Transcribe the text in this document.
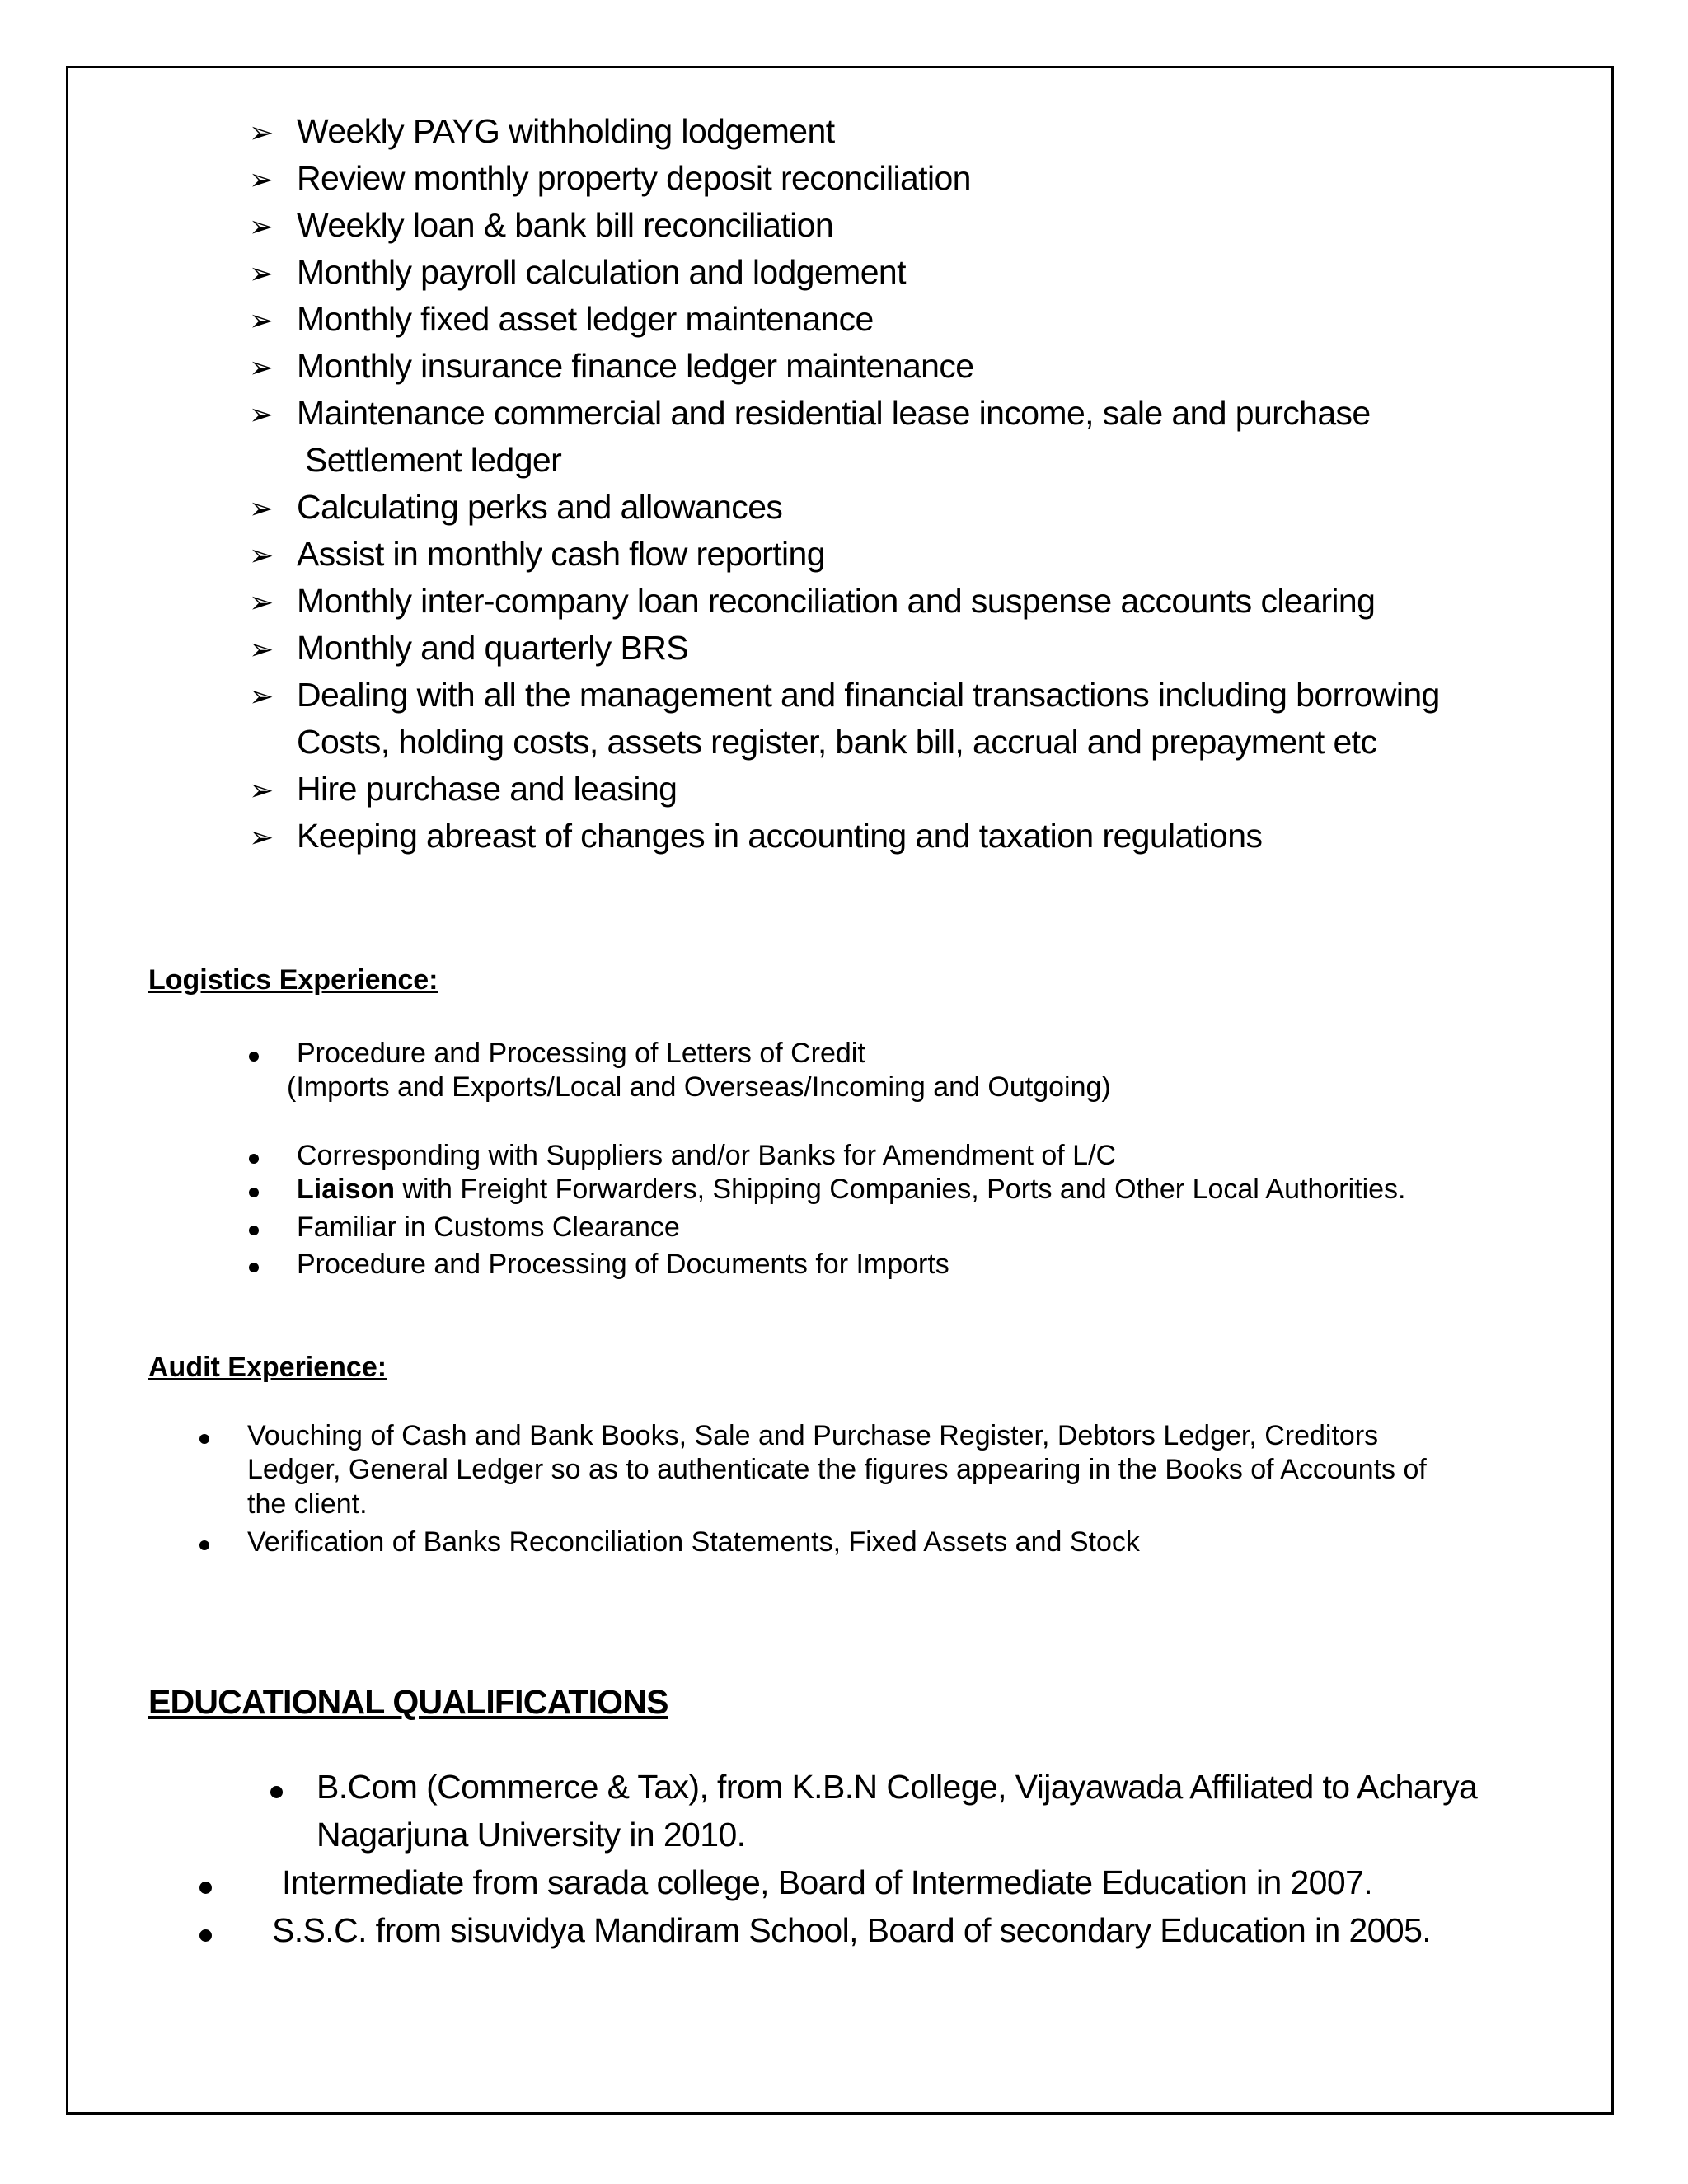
➢ Weekly PAYG withholding lodgement
➢ Review monthly property deposit reconciliation
➢ Weekly loan & bank bill reconciliation
➢ Monthly payroll calculation and lodgement
➢ Monthly fixed asset ledger maintenance
➢ Monthly insurance finance ledger maintenance
➢ Maintenance commercial and residential lease income, sale and purchase
Settlement ledger
➢ Calculating perks and allowances
➢ Assist in monthly cash flow reporting
➢ Monthly inter-company loan reconciliation and suspense accounts clearing
➢ Monthly and quarterly BRS
➢ Dealing with all the management and financial transactions including borrowing
Costs, holding costs, assets register, bank bill, accrual and prepayment etc
➢ Hire purchase and leasing
➢ Keeping abreast of changes in accounting and taxation regulations
Logistics Experience:
Procedure and Processing of Letters of Credit
(Imports and Exports/Local and Overseas/Incoming and Outgoing)
Corresponding with Suppliers and/or Banks for Amendment of L/C
Liaison with Freight Forwarders, Shipping Companies, Ports and Other Local Authorities.
Familiar in Customs Clearance
Procedure and Processing of Documents for Imports
Audit Experience:
Vouching of Cash and Bank Books, Sale and Purchase Register, Debtors Ledger, Creditors
Ledger, General Ledger so as to authenticate the figures appearing in the Books of Accounts of
the client.
Verification of Banks Reconciliation Statements, Fixed Assets and Stock
EDUCATIONAL QUALIFICATIONS
B.Com (Commerce & Tax), from K.B.N College, Vijayawada Affiliated to Acharya
Nagarjuna University in 2010.
Intermediate from sarada college, Board of Intermediate Education in 2007.
S.S.C. from sisuvidya Mandiram School, Board of secondary Education in 2005.
